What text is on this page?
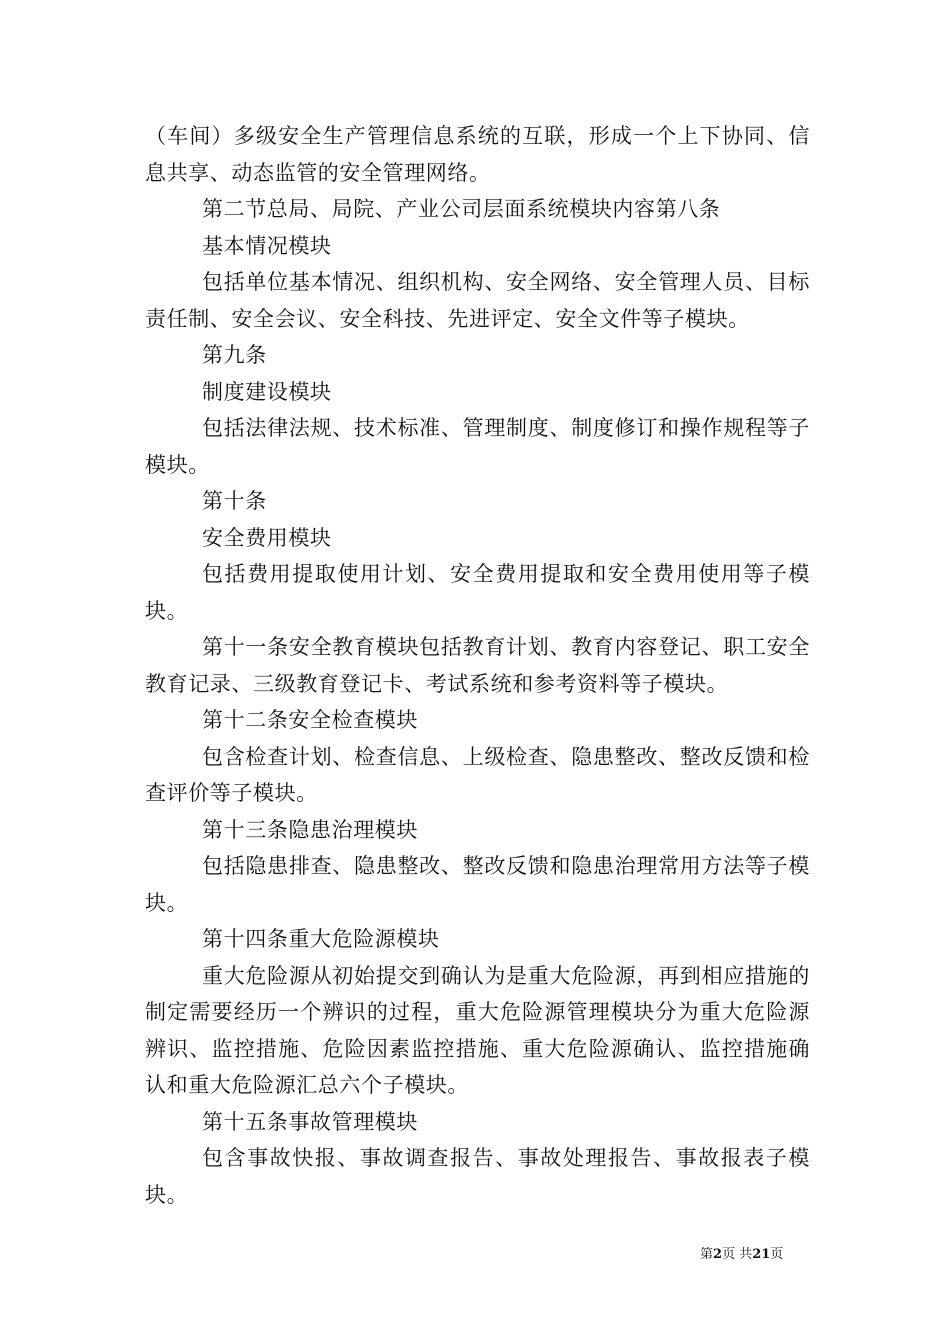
（车间）多级安全生产管理信息系统的互联，形成一个上下协同、信息共享、动态监管的安全管理网络。

第二节总局、局院、产业公司层面系统模块内容第八条

基本情况模块

包括单位基本情况、组织机构、安全网络、安全管理人员、目标责任制、安全会议、安全科技、先进评定、安全文件等子模块。

第九条

制度建设模块

包括法律法规、技术标准、管理制度、制度修订和操作规程等子模块。

第十条

安全费用模块

包括费用提取使用计划、安全费用提取和安全费用使用等子模块。

第十一条安全教育模块包括教育计划、教育内容登记、职工安全教育记录、三级教育登记卡、考试系统和参考资料等子模块。

第十二条安全检查模块

包含检查计划、检查信息、上级检查、隐患整改、整改反馈和检查评价等子模块。

第十三条隐患治理模块

包括隐患排查、隐患整改、整改反馈和隐患治理常用方法等子模块。

第十四条重大危险源模块

重大危险源从初始提交到确认为是重大危险源，再到相应措施的制定需要经历一个辨识的过程，重大危险源管理模块分为重大危险源辨识、监控措施、危险因素监控措施、重大危险源确认、监控措施确认和重大危险源汇总六个子模块。

第十五条事故管理模块

包含事故快报、事故调查报告、事故处理报告、事故报表子模块。

第2页 共21页
